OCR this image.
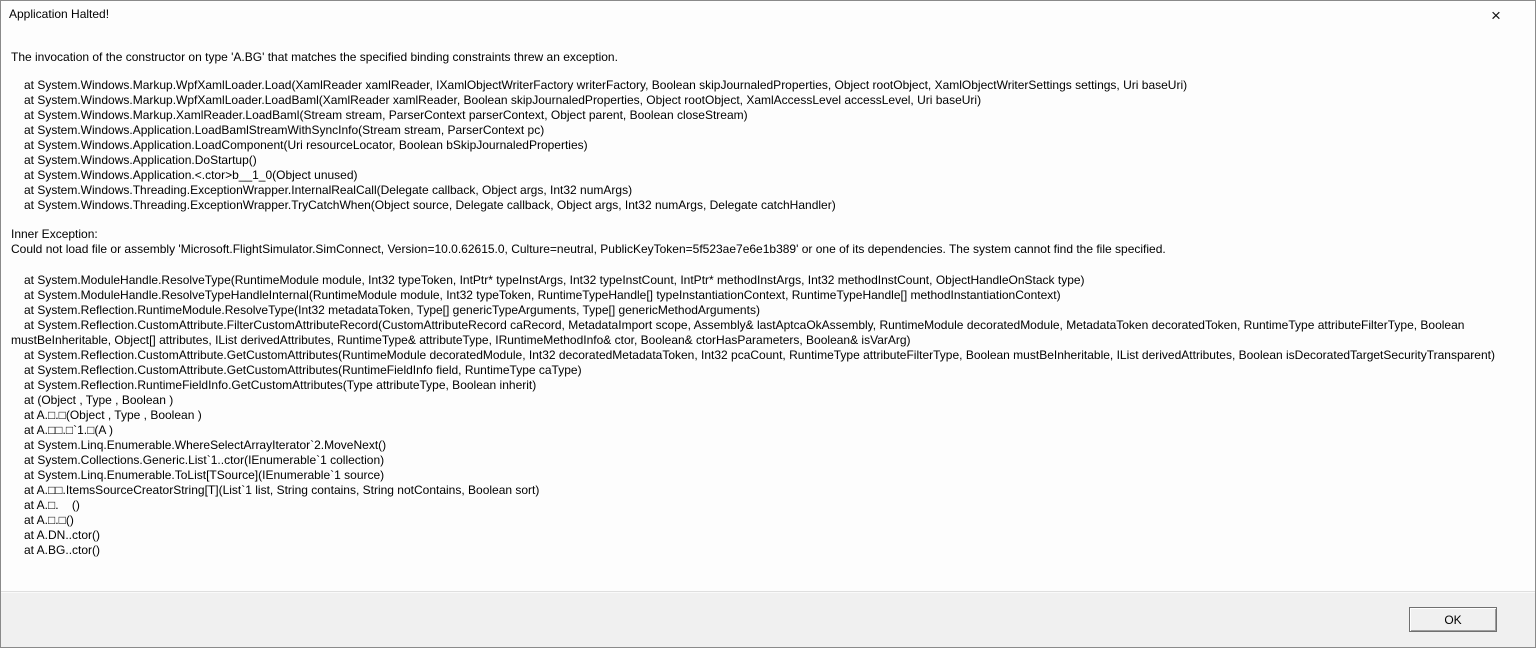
Application Halted!	×
The invocation of the constructor on type 'A.BG' that matches the specified binding constraints threw an exception.
at System.Windows.Markup.WpfXamlLoader.Load(XamlReader xamlReader, IXamlObjectWriterFactory writerFactory, Boolean skipJournaledProperties, Object rootObject, XamlObjectWriterSettings settings, Uri baseUri)
at System.Windows.Markup.WpfXamlLoader.LoadBaml(XamlReader xamlReader, Boolean skipJournaledProperties, Object rootObject, XamlAccessLevel accessLevel, Uri baseUri)
at System.Windows.Markup.XamlReader.LoadBaml(Stream stream, ParserContext parserContext, Object parent, Boolean closeStream)
at System.Windows.Application.LoadBamlStreamWithSyncInfo(Stream stream, ParserContext pc)
at System.Windows.Application.LoadComponent(Uri resourceLocator, Boolean bSkipJournaledProperties)
at System.Windows.Application.DoStartup()
at System.Windows.Application.<.ctor>b__1_0(Object unused)
at System.Windows.Threading.ExceptionWrapper.InternalRealCall(Delegate callback, Object args, Int32 numArgs)
at System.Windows.Threading.ExceptionWrapper.TryCatchWhen(Object source, Delegate callback, Object args, Int32 numArgs, Delegate catchHandler)
Inner Exception:
Could not load file or assembly 'Microsoft.FlightSimulator.SimConnect, Version=10.0.62615.0, Culture=neutral, PublicKeyToken=5f523ae7e6e1b389' or one of its dependencies. The system cannot find the file specified.
at System.ModuleHandle.ResolveType(RuntimeModule module, Int32 typeToken, IntPtr* typeInstArgs, Int32 typeInstCount, IntPtr* methodInstArgs, Int32 methodInstCount, ObjectHandleOnStack type)
at System.ModuleHandle.ResolveTypeHandleInternal(RuntimeModule module, Int32 typeToken, RuntimeTypeHandle[] typeInstantiationContext, RuntimeTypeHandle[] methodInstantiationContext)
at System.Reflection.RuntimeModule.ResolveType(Int32 metadataToken, Type[] genericTypeArguments, Type[] genericMethodArguments)
at System.Reflection.CustomAttribute.FilterCustomAttributeRecord(CustomAttributeRecord caRecord, MetadataImport scope, Assembly& lastAptcaOkAssembly, RuntimeModule decoratedModule, MetadataToken decoratedToken, RuntimeType attributeFilterType, Boolean mustBeInheritable, Object[] attributes, IList derivedAttributes, RuntimeType& attributeType, IRuntimeMethodInfo& ctor, Boolean& ctorHasParameters, Boolean& isVarArg)
at System.Reflection.CustomAttribute.GetCustomAttributes(RuntimeModule decoratedModule, Int32 decoratedMetadataToken, Int32 pcaCount, RuntimeType attributeFilterType, Boolean mustBeInheritable, IList derivedAttributes, Boolean isDecoratedTargetSecurityTransparent)
at System.Reflection.CustomAttribute.GetCustomAttributes(RuntimeFieldInfo field, RuntimeType caType)
at System.Reflection.RuntimeFieldInfo.GetCustomAttributes(Type attributeType, Boolean inherit)
at (Object , Type , Boolean )
at A.□.□(Object , Type , Boolean )
at A.□□.□`1.□(A )
at System.Linq.Enumerable.WhereSelectArrayIterator`2.MoveNext()
at System.Collections.Generic.List`1..ctor(IEnumerable`1 collection)
at System.Linq.Enumerable.ToList[TSource](IEnumerable`1 source)
at A.□□.ItemsSourceCreatorString[T](List`1 list, String contains, String notContains, Boolean sort)
at A.□.    ()
at A.□.□()
at A.DN..ctor()
at A.BG..ctor()
OK
